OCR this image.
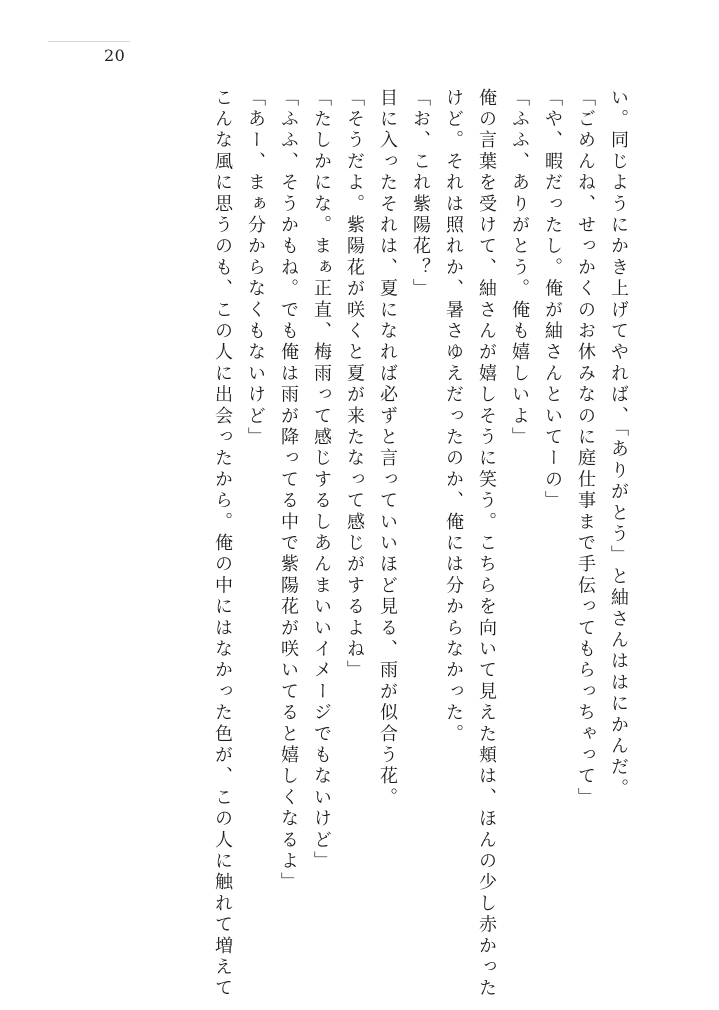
20
い。同じようにかき上げてやれば、「ありがとう」と紬さんははにかんだ。
「ごめんね、せっかくのお休みなのに庭仕事まで手伝ってもらっちゃって」
「や、暇だったし。俺が紬さんといてーの」
「ふふ、ありがとう。俺も嬉しいよ」
俺の言葉を受けて、紬さんが嬉しそうに笑う。こちらを向いて見えた頬は、ほんの少し赤かった
けど。それは照れか、暑さゆえだったのか、俺には分からなかった。
「お、これ紫陽花？」
目に入ったそれは、夏になれば必ずと言っていいほど見る、雨が似合う花。
「そうだよ。紫陽花が咲くと夏が来たなって感じがするよね」
「たしかにな。まぁ正直、梅雨って感じするしあんまいいイメージでもないけど」
「ふふ、そうかもね。でも俺は雨が降ってる中で紫陽花が咲いてると嬉しくなるよ」
「あー、まぁ分からなくもないけど」
こんな風に思うのも、この人に出会ったから。俺の中にはなかった色が、この人に触れて増えて
